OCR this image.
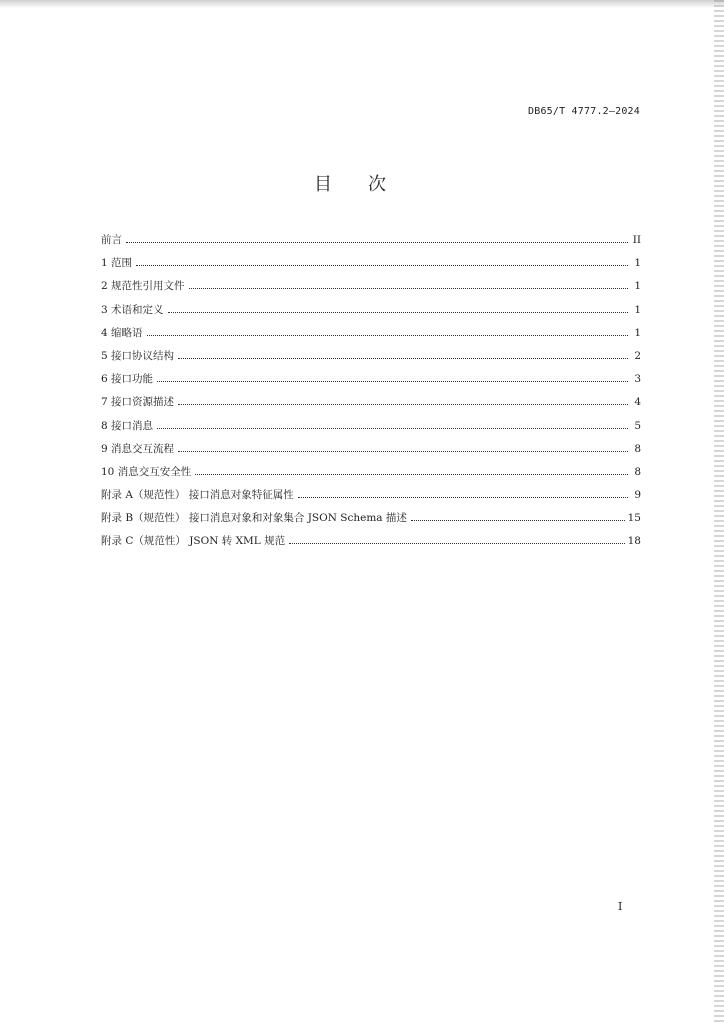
DB65/T 4777.2—2024
目次
前言	II
1 范围	1
2 规范性引用文件	1
3 术语和定义	1
4 缩略语	1
5 接口协议结构	2
6 接口功能	3
7 接口资源描述	4
8 接口消息	5
9 消息交互流程	8
10 消息交互安全性	8
附录 A（规范性） 接口消息对象特征属性	9
附录 B（规范性） 接口消息对象和对象集合 JSON Schema 描述	15
附录 C（规范性） JSON 转 XML 规范	18
I
